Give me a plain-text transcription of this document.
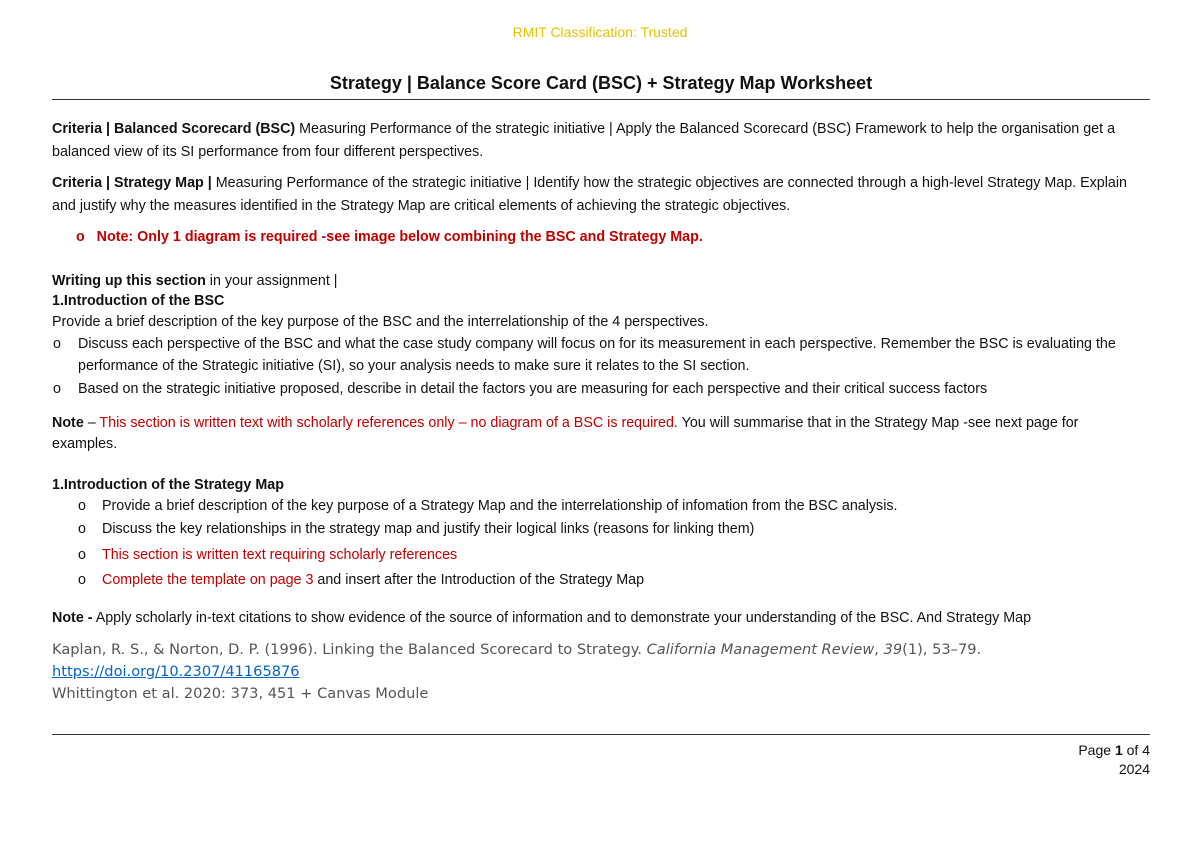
RMIT Classification: Trusted
Strategy | Balance Score Card (BSC) + Strategy Map Worksheet

Criteria | Balanced Scorecard (BSC) Measuring Performance of the strategic initiative | Apply the Balanced Scorecard (BSC) Framework to help the organisation get a balanced view of its SI performance from four different perspectives.

Criteria | Strategy Map | Measuring Performance of the strategic initiative | Identify how the strategic objectives are connected through a high-level Strategy Map. Explain and justify why the measures identified in the Strategy Map are critical elements of achieving the strategic objectives.

o Note: Only 1 diagram is required -see image below combining the BSC and Strategy Map.

Writing up this section in your assignment |

1.Introduction of the BSC

Provide a brief description of the key purpose of the BSC and the interrelationship of the 4 perspectives.

o Discuss each perspective of the BSC and what the case study company will focus on for its measurement in each perspective. Remember the BSC is evaluating the performance of the Strategic initiative (SI), so your analysis needs to make sure it relates to the SI section.
o Based on the strategic initiative proposed, describe in detail the factors you are measuring for each perspective and their critical success factors

Note – This section is written text with scholarly references only – no diagram of a BSC is required. You will summarise that in the Strategy Map -see next page for examples.

1.Introduction of the Strategy Map

o Provide a brief description of the key purpose of a Strategy Map and the interrelationship of infomation from the BSC analysis.
o Discuss the key relationships in the strategy map and justify their logical links (reasons for linking them)
o This section is written text requiring scholarly references
o Complete the template on page 3 and insert after the Introduction of the Strategy Map

Note - Apply scholarly in-text citations to show evidence of the source of information and to demonstrate your understanding of the BSC. And Strategy Map

Kaplan, R. S., & Norton, D. P. (1996). Linking the Balanced Scorecard to Strategy. California Management Review, 39(1), 53–79.
https://doi.org/10.2307/41165876
Whittington et al. 2020: 373, 451 + Canvas Module
Page 1 of 4
2024
